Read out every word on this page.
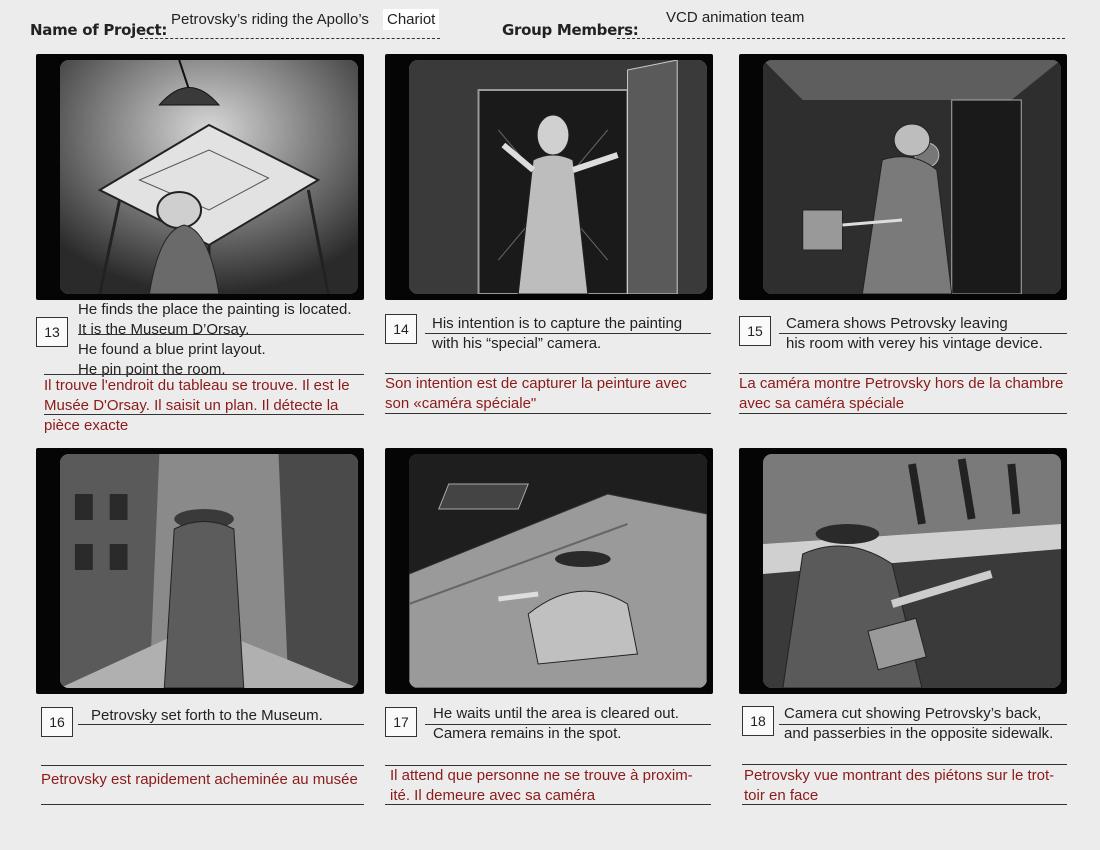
Name of Project:
Petrovsky’s riding the Apollo’s Chariot
Group Members:
VCD animation team
13
He finds the place the painting is located.
It is the Museum D’Orsay.
He found a blue print layout.
He pin point the room.
Il trouve l'endroit du tableau se trouve. Il est le
Musée D'Orsay. Il saisit un plan. Il détecte la
pièce exacte
14	His intention is to capture the painting
with his “special” camera.
Son intention est de capturer la peinture avec
son «caméra spéciale"
15	Camera shows Petrovsky leaving
his room with verey his vintage device.
La caméra montre Petrovsky hors de la chambre
avec sa caméra spéciale
16	Petrovsky set forth to the Museum.
Petrovsky est rapidement acheminée au musée
17	He waits until the area is cleared out.
Camera remains in the spot.
Il attend que personne ne se trouve à proxim-
ité. Il demeure avec sa caméra
18	Camera cut showing Petrovsky’s back,
and passerbies in the opposite sidewalk.
Petrovsky vue montrant des piétons sur le trot-
toir en face
